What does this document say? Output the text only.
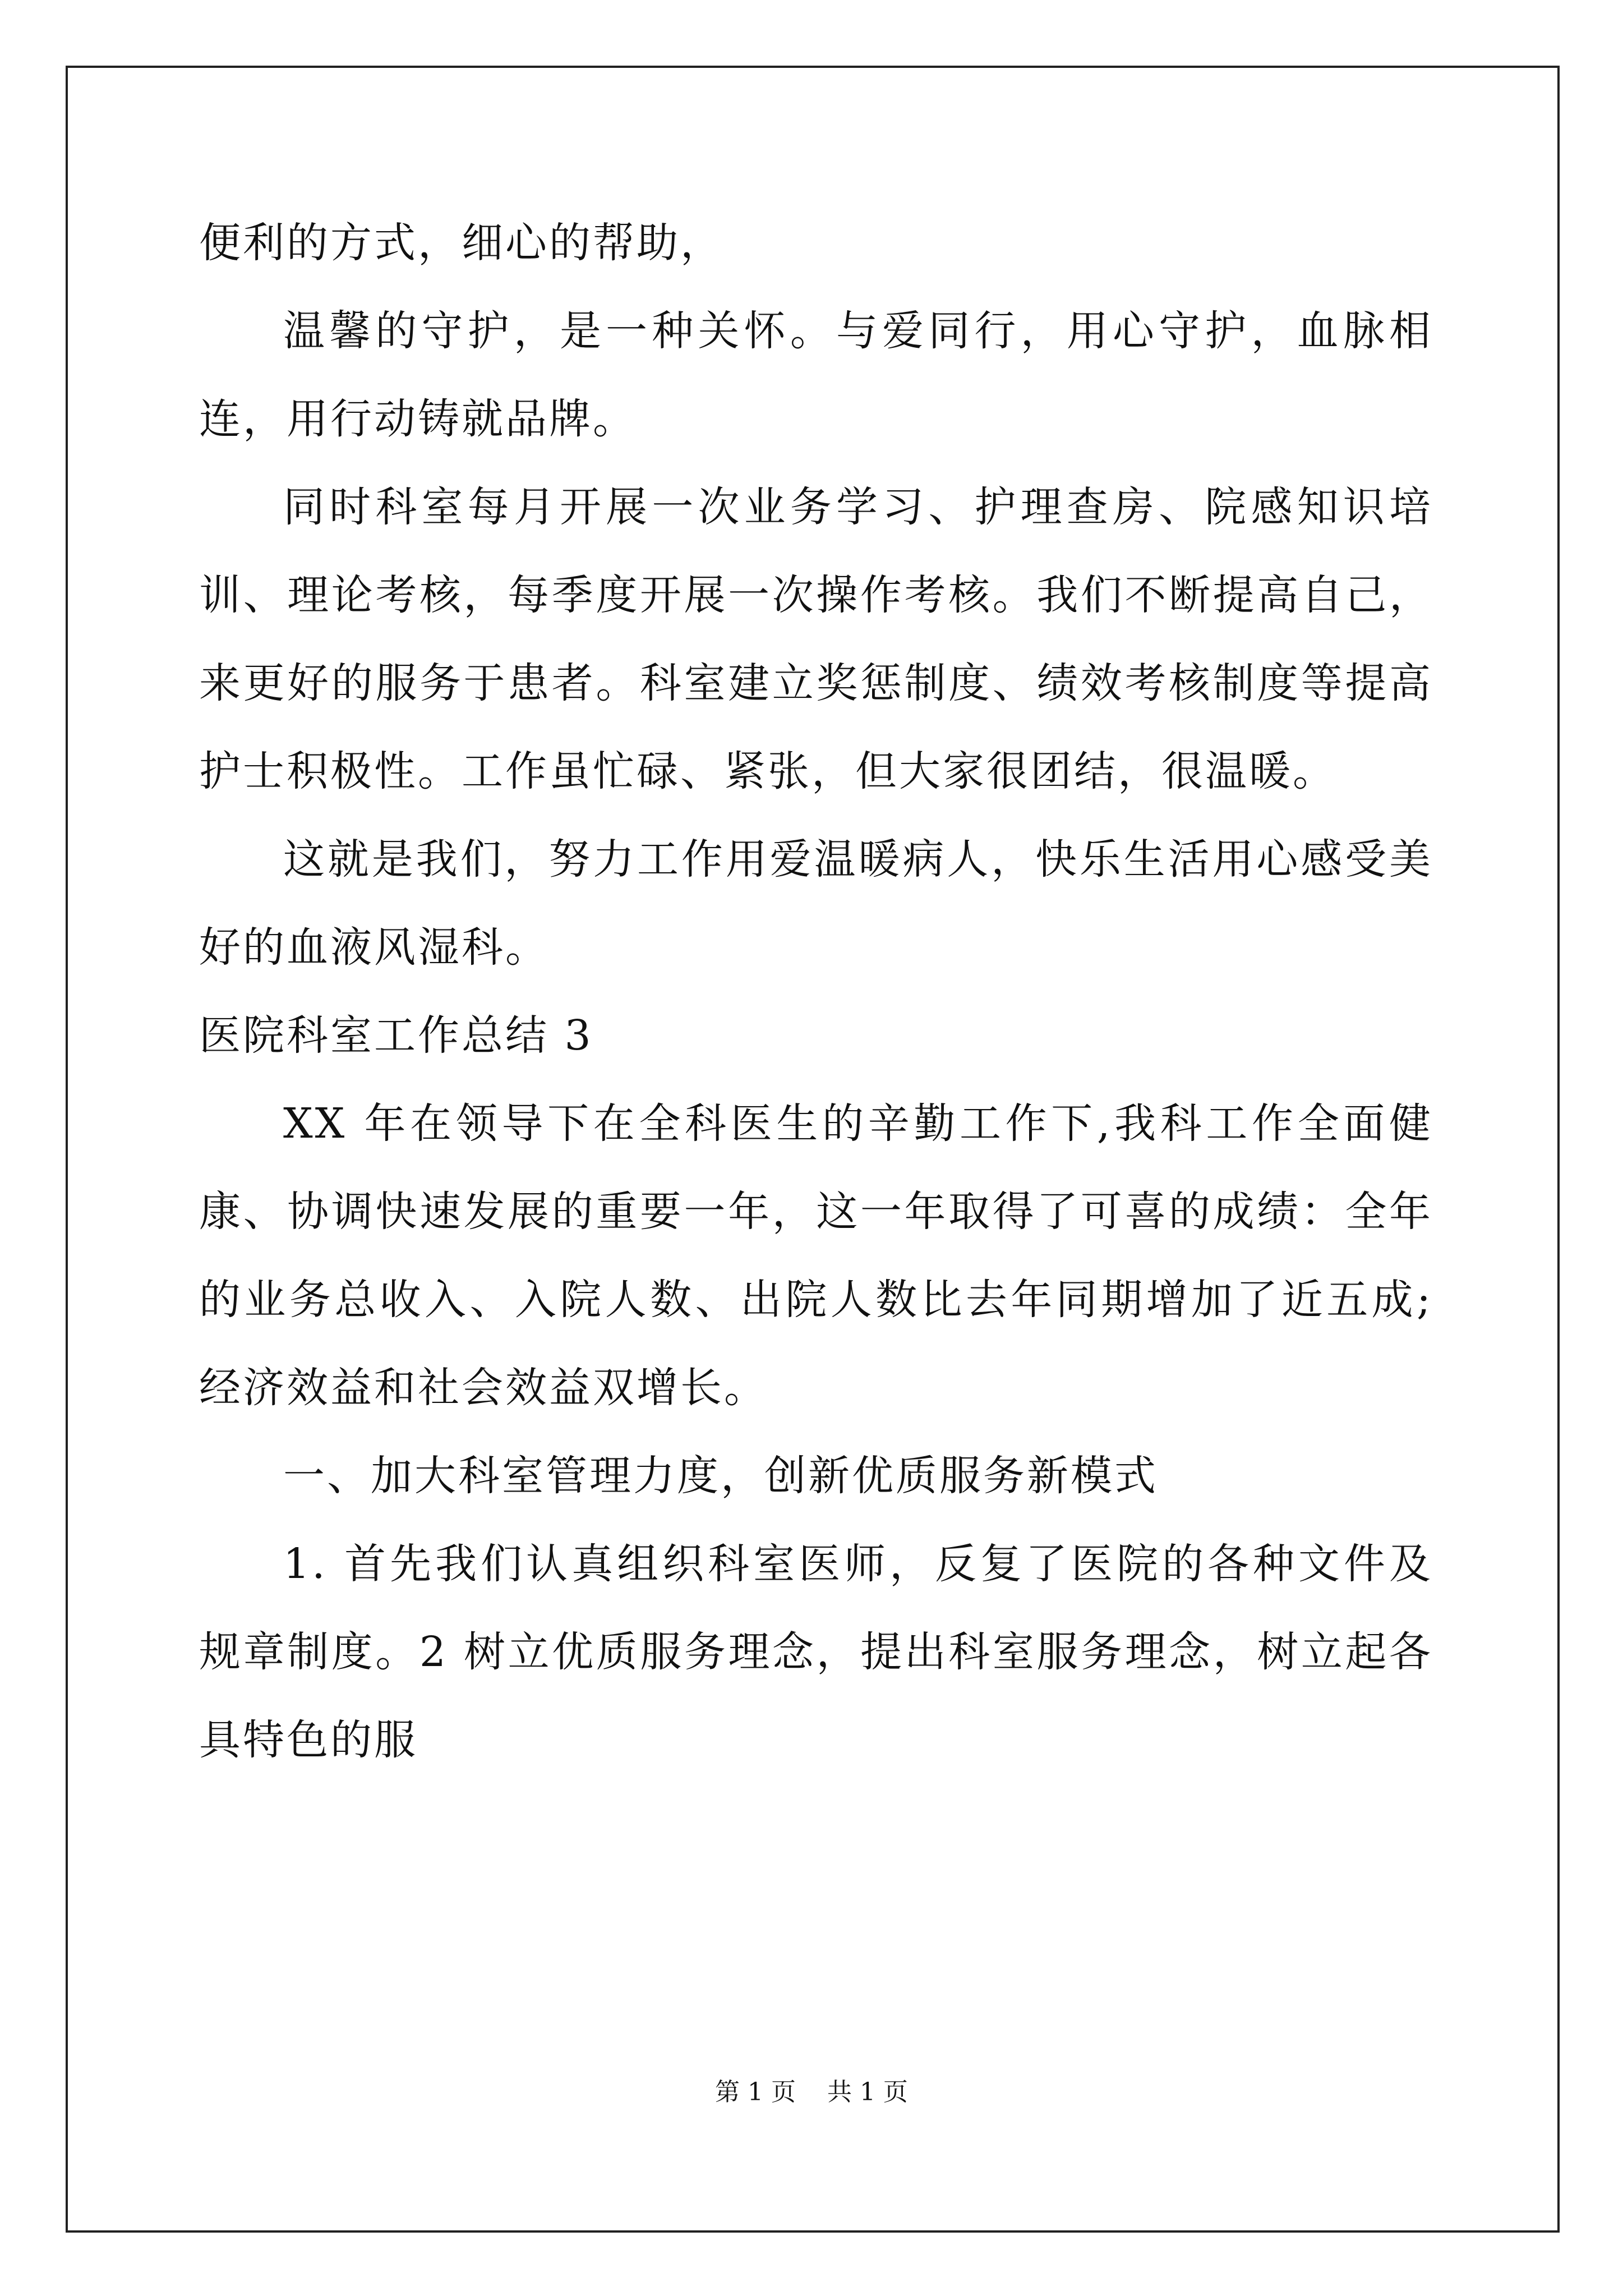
便利的方式，细心的帮助，

温馨的守护，是一种关怀。与爱同行，用心守护，血脉相连，用行动铸就品牌。

同时科室每月开展一次业务学习、护理查房、院感知识培训、理论考核，每季度开展一次操作考核。我们不断提高自己，来更好的服务于患者。科室建立奖惩制度、绩效考核制度等提高护士积极性。工作虽忙碌、紧张，但大家很团结，很温暖。

这就是我们，努力工作用爱温暖病人，快乐生活用心感受美好的血液风湿科。

医院科室工作总结 3

XX 年在领导下在全科医生的辛勤工作下,我科工作全面健康、协调快速发展的重要一年，这一年取得了可喜的成绩：全年的业务总收入、入院人数、出院人数比去年同期增加了近五成;经济效益和社会效益双增长。

一、加大科室管理力度，创新优质服务新模式

1. 首先我们认真组织科室医师，反复了医院的各种文件及规章制度。2 树立优质服务理念，提出科室服务理念，树立起各具特色的服

第 1 页    共 1 页
